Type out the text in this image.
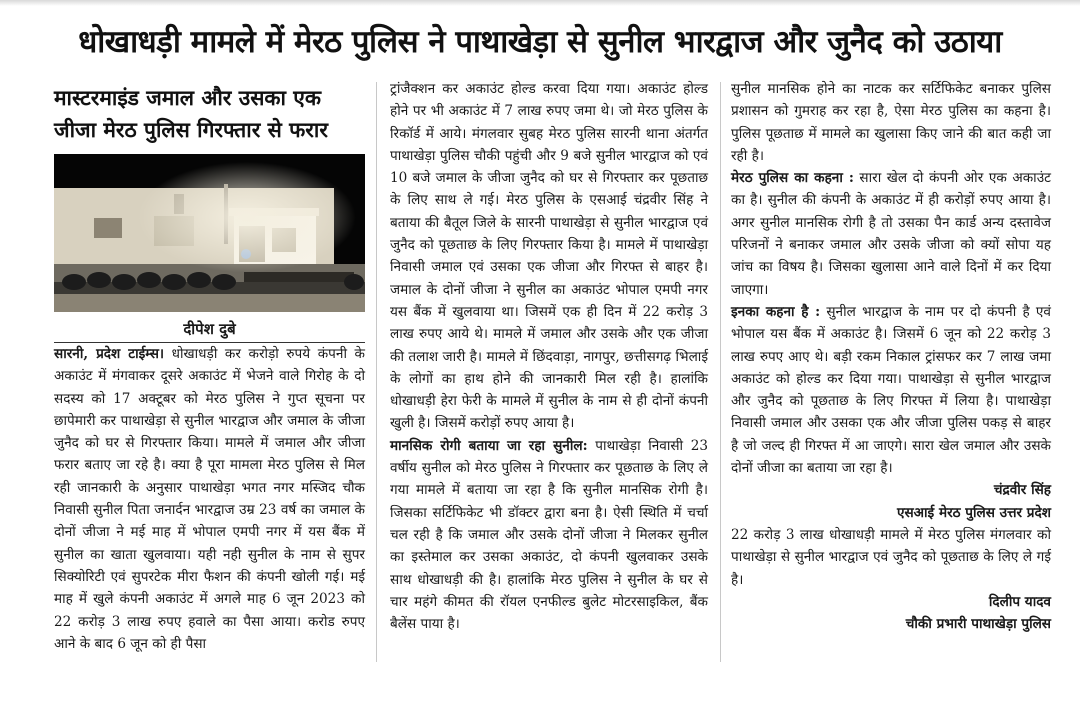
धोखाधड़ी मामले में मेरठ पुलिस ने पाथाखेड़ा से सुनील भारद्वाज और जुनैद को उठाया
मास्टरमाइंड जमाल और उसका एक जीजा मेरठ पुलिस गिरफ्तार से फरार
दीपेश दुबे

सारनी, प्रदेश टाईम्स। धोखाधड़ी कर करोड़ो रुपये कंपनी के अकाउंट में मंगवाकर दूसरे अकाउंट में भेजने वाले गिरोह के दो सदस्य को 17 अक्टूबर को मेरठ पुलिस ने गुप्त सूचना पर छापेमारी कर पाथाखेड़ा से सुनील भारद्वाज और जमाल के जीजा जुनैद को घर से गिरफ्तार किया। मामले में जमाल और जीजा फरार बताए जा रहे है। क्या है पूरा मामला मेरठ पुलिस से मिल रही जानकारी के अनुसार पाथाखेड़ा भगत नगर मस्जिद चौक निवासी सुनील पिता जनार्दन भारद्वाज उम्र 23 वर्ष का जमाल के दोनों जीजा ने मई माह में भोपाल एमपी नगर में यस बैंक में सुनील का खाता खुलवाया। यही नही सुनील के नाम से सुपर सिक्योरिटी एवं सुपरटेक मीरा फैशन की कंपनी खोली गई। मई माह में खुले कंपनी अकाउंट में अगले माह 6 जून 2023 को 22 करोड़ 3 लाख रुपए हवाले का पैसा आया। करोड रुपए आने के बाद 6 जून को ही पैसा

ट्रांजैक्शन कर अकाउंट होल्ड करवा दिया गया। अकाउंट होल्ड होने पर भी अकाउंट में 7 लाख रुपए जमा थे। जो मेरठ पुलिस के रिकॉर्ड में आये। मंगलवार सुबह मेरठ पुलिस सारनी थाना अंतर्गत पाथाखेड़ा पुलिस चौकी पहुंची और 9 बजे सुनील भारद्वाज को एवं 10 बजे जमाल के जीजा जुनैद को घर से गिरफ्तार कर पूछताछ के लिए साथ ले गई। मेरठ पुलिस के एसआई चंद्रवीर सिंह ने बताया की बैतूल जिले के सारनी पाथाखेड़ा से सुनील भारद्वाज एवं जुनैद को पूछताछ के लिए गिरफ्तार किया है। मामले में पाथाखेड़ा निवासी जमाल एवं उसका एक जीजा और गिरफ्त से बाहर है। जमाल के दोनों जीजा ने सुनील का अकाउंट भोपाल एमपी नगर यस बैंक में खुलवाया था। जिसमें एक ही दिन में 22 करोड़ 3 लाख रुपए आये थे। मामले में जमाल और उसके और एक जीजा की तलाश जारी है। मामले में छिंदवाड़ा, नागपुर, छत्तीसगढ़ भिलाई के लोगों का हाथ होने की जानकारी मिल रही है। हालांकि धोखाधड़ी हेरा फेरी के मामले में सुनील के नाम से ही दोनों कंपनी खुली है। जिसमें करोड़ों रुपए आया है।

मानसिक रोगी बताया जा रहा सुनील: पाथाखेड़ा निवासी 23 वर्षीय सुनील को मेरठ पुलिस ने गिरफ्तार कर पूछताछ के लिए ले गया मामले में बताया जा रहा है कि सुनील मानसिक रोगी है। जिसका सर्टिफिकेट भी डॉक्टर द्वारा बना है। ऐसी स्थिति में चर्चा चल रही है कि जमाल और उसके दोनों जीजा ने मिलकर सुनील का इस्तेमाल कर उसका अकाउंट, दो कंपनी खुलवाकर उसके साथ धोखाधड़ी की है। हालांकि मेरठ पुलिस ने सुनील के घर से चार महंगे कीमत की रॉयल एनफील्ड बुलेट मोटरसाइकिल, बैंक बैलेंस पाया है।

सुनील मानसिक होने का नाटक कर सर्टिफिकेट बनाकर पुलिस प्रशासन को गुमराह कर रहा है, ऐसा मेरठ पुलिस का कहना है। पुलिस पूछताछ में मामले का खुलासा किए जाने की बात कही जा रही है।

मेरठ पुलिस का कहना : सारा खेल दो कंपनी ओर एक अकाउंट का है। सुनील की कंपनी के अकाउंट में ही करोड़ों रुपए आया है। अगर सुनील मानसिक रोगी है तो उसका पैन कार्ड अन्य दस्तावेज परिजनों ने बनाकर जमाल और उसके जीजा को क्यों सोपा यह जांच का विषय है। जिसका खुलासा आने वाले दिनों में कर दिया जाएगा।

इनका कहना है : सुनील भारद्वाज के नाम पर दो कंपनी है एवं भोपाल यस बैंक में अकाउंट है। जिसमें 6 जून को 22 करोड़ 3 लाख रुपए आए थे। बड़ी रकम निकाल ट्रांसफर कर 7 लाख जमा अकाउंट को होल्ड कर दिया गया। पाथाखेड़ा से सुनील भारद्वाज और जुनैद को पूछताछ के लिए गिरफ्त में लिया है। पाथाखेड़ा निवासी जमाल और उसका एक और जीजा पुलिस पकड़ से बाहर है जो जल्द ही गिरफ्त में आ जाएगे। सारा खेल जमाल और उसके दोनों जीजा का बताया जा रहा है।

चंद्रवीर सिंह
एसआई मेरठ पुलिस उत्तर प्रदेश

22 करोड़ 3 लाख धोखाधड़ी मामले में मेरठ पुलिस मंगलवार को पाथाखेड़ा से सुनील भारद्वाज एवं जुनैद को पूछताछ के लिए ले गई है।

दिलीप यादव
चौकी प्रभारी पाथाखेड़ा पुलिस
